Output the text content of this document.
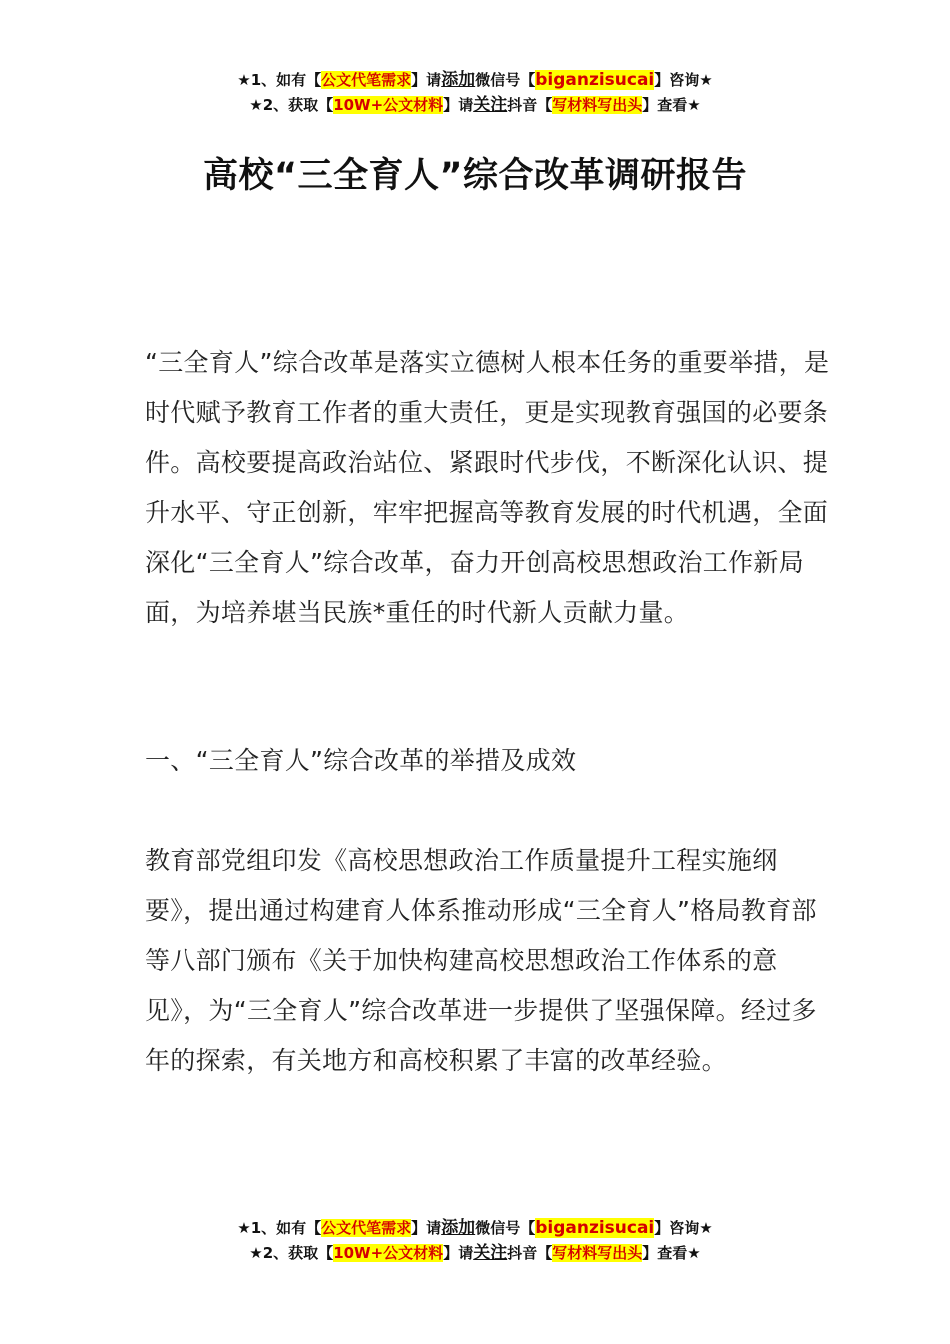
★1、如有【公文代笔需求】请添加微信号【biganzisucai】咨询★
★2、获取【10W+公文材料】请关注抖音【写材料写出头】查看★
高校“三全育人”综合改革调研报告

“三全育人”综合改革是落实立德树人根本任务的重要举措，是时代赋予教育工作者的重大责任，更是实现教育强国的必要条件。高校要提高政治站位、紧跟时代步伐，不断深化认识、提升水平、守正创新，牢牢把握高等教育发展的时代机遇，全面深化“三全育人”综合改革，奋力开创高校思想政治工作新局面，为培养堪当民族*重任的时代新人贡献力量。

一、“三全育人”综合改革的举措及成效

教育部党组印发《高校思想政治工作质量提升工程实施纲要》，提出通过构建育人体系推动形成“三全育人”格局教育部等八部门颁布《关于加快构建高校思想政治工作体系的意见》，为“三全育人”综合改革进一步提供了坚强保障。经过多年的探索，有关地方和高校积累了丰富的改革经验。

★1、如有【公文代笔需求】请添加微信号【biganzisucai】咨询★
★2、获取【10W+公文材料】请关注抖音【写材料写出头】查看★
